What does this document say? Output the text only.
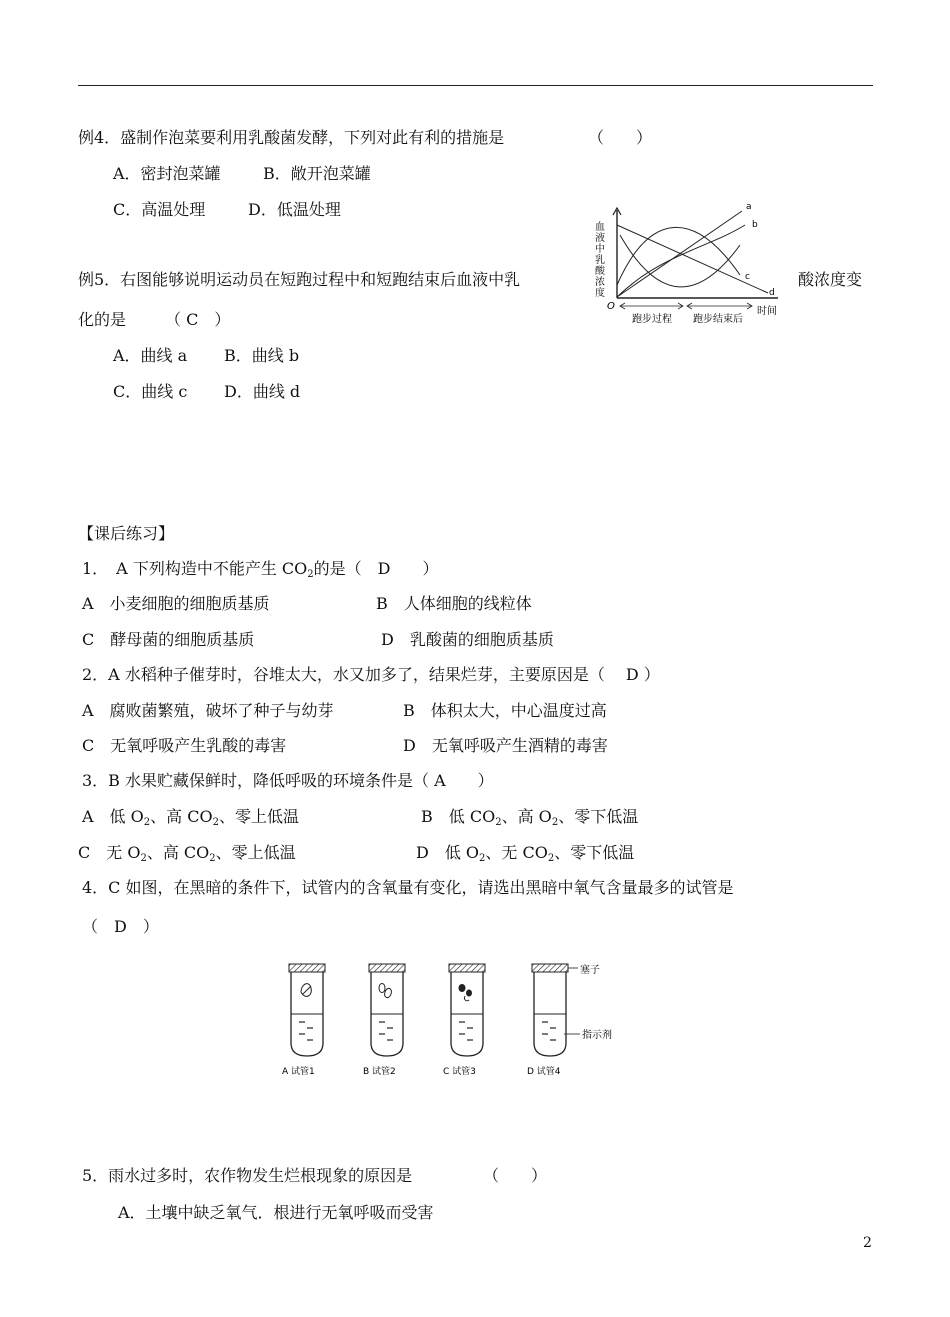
例4．盛制作泡菜要利用乳酸菌发酵，下列对此有利的措施是	（　　）
A．密封泡菜罐	B．敞开泡菜罐
C．高温处理	D．低温处理
例5．右图能够说明运动员在短跑过程中和短跑结束后血液中乳	酸浓度变
化的是 （ C　）
A．曲线 a B．曲线 b
C．曲线 c D．曲线 d
血液中乳酸浓度
O
a
b
c
d
时间
跑步过程 跑步结束后
【课后练习】
1．　A 下列构造中不能产生 $CO_2$的是（　D　　）
A　小麦细胞的细胞质基质	B　人体细胞的线粒体
C　酵母菌的细胞质基质	D　乳酸菌的细胞质基质
2．A 水稻种子催芽时，谷堆太大，水又加多了，结果烂芽，主要原因是（　 D ）
A　腐败菌繁殖，破坏了种子与幼芽	B　体积太大，中心温度过高
C　无氧呼吸产生乳酸的毒害	D　无氧呼吸产生酒精的毒害
3．B 水果贮藏保鲜时，降低呼吸的环境条件是（ A　　）
A　低 $O_2$、高 $CO_2$、零上低温	B　低 $CO_2$、高 $O_2$、零下低温
C　无 $O_2$、高 $CO_2$、零上低温	D　低 $O_2$、无 $CO_2$、零下低温
4．C 如图，在黑暗的条件下，试管内的含氧量有变化，请选出黑暗中氧气含量最多的试管是
（　D　）
塞子
指示剂
A 试管1	B 试管2	C 试管3	D 试管4
5．雨水过多时，农作物发生烂根现象的原因是	（　　）
A．土壤中缺乏氧气．根进行无氧呼吸而受害
2
